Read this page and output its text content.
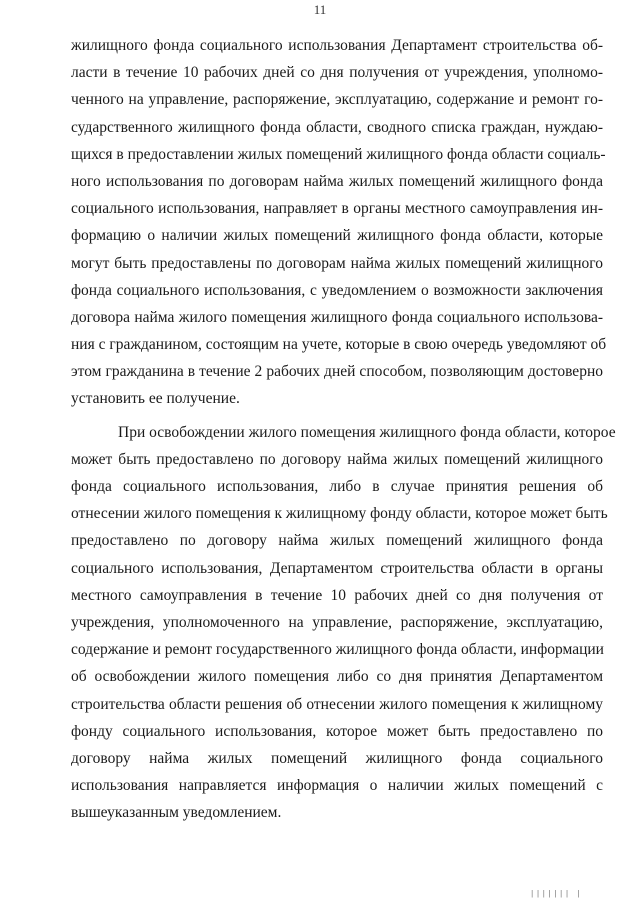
11
жилищного фонда социального использования Департамент строительства об-
ласти в течение 10 рабочих дней со дня получения от учреждения, уполномо-
ченного на управление, распоряжение, эксплуатацию, содержание и ремонт го-
сударственного жилищного фонда области, сводного списка граждан, нуждаю-
щихся в предоставлении жилых помещений жилищного фонда области социаль-
ного использования по договорам найма жилых помещений жилищного фонда
социального использования, направляет в органы местного самоуправления ин-
формацию о наличии жилых помещений жилищного фонда области, которые
могут быть предоставлены по договорам найма жилых помещений жилищного
фонда социального использования, с уведомлением о возможности заключения
договора найма жилого помещения жилищного фонда социального использова-
ния с гражданином, состоящим на учете, которые в свою очередь уведомляют об
этом гражданина в течение 2 рабочих дней способом, позволяющим достоверно
установить ее получение.
При освобождении жилого помещения жилищного фонда области, которое
может быть предоставлено по договору найма жилых помещений жилищного
фонда социального использования, либо в случае принятия решения об
отнесении жилого помещения к жилищному фонду области, которое может быть
предоставлено по договору найма жилых помещений жилищного фонда
социального использования, Департаментом строительства области в органы
местного самоуправления в течение 10 рабочих дней со дня получения от
учреждения, уполномоченного на управление, распоряжение, эксплуатацию,
содержание и ремонт государственного жилищного фонда области, информации
об освобождении жилого помещения либо со дня принятия Департаментом
строительства области решения об отнесении жилого помещения к жилищному
фонду социального использования, которое может быть предоставлено по
договору найма жилых помещений жилищного фонда социального
использования направляется информация о наличии жилых помещений с
вышеуказанным уведомлением.
||||||| |
